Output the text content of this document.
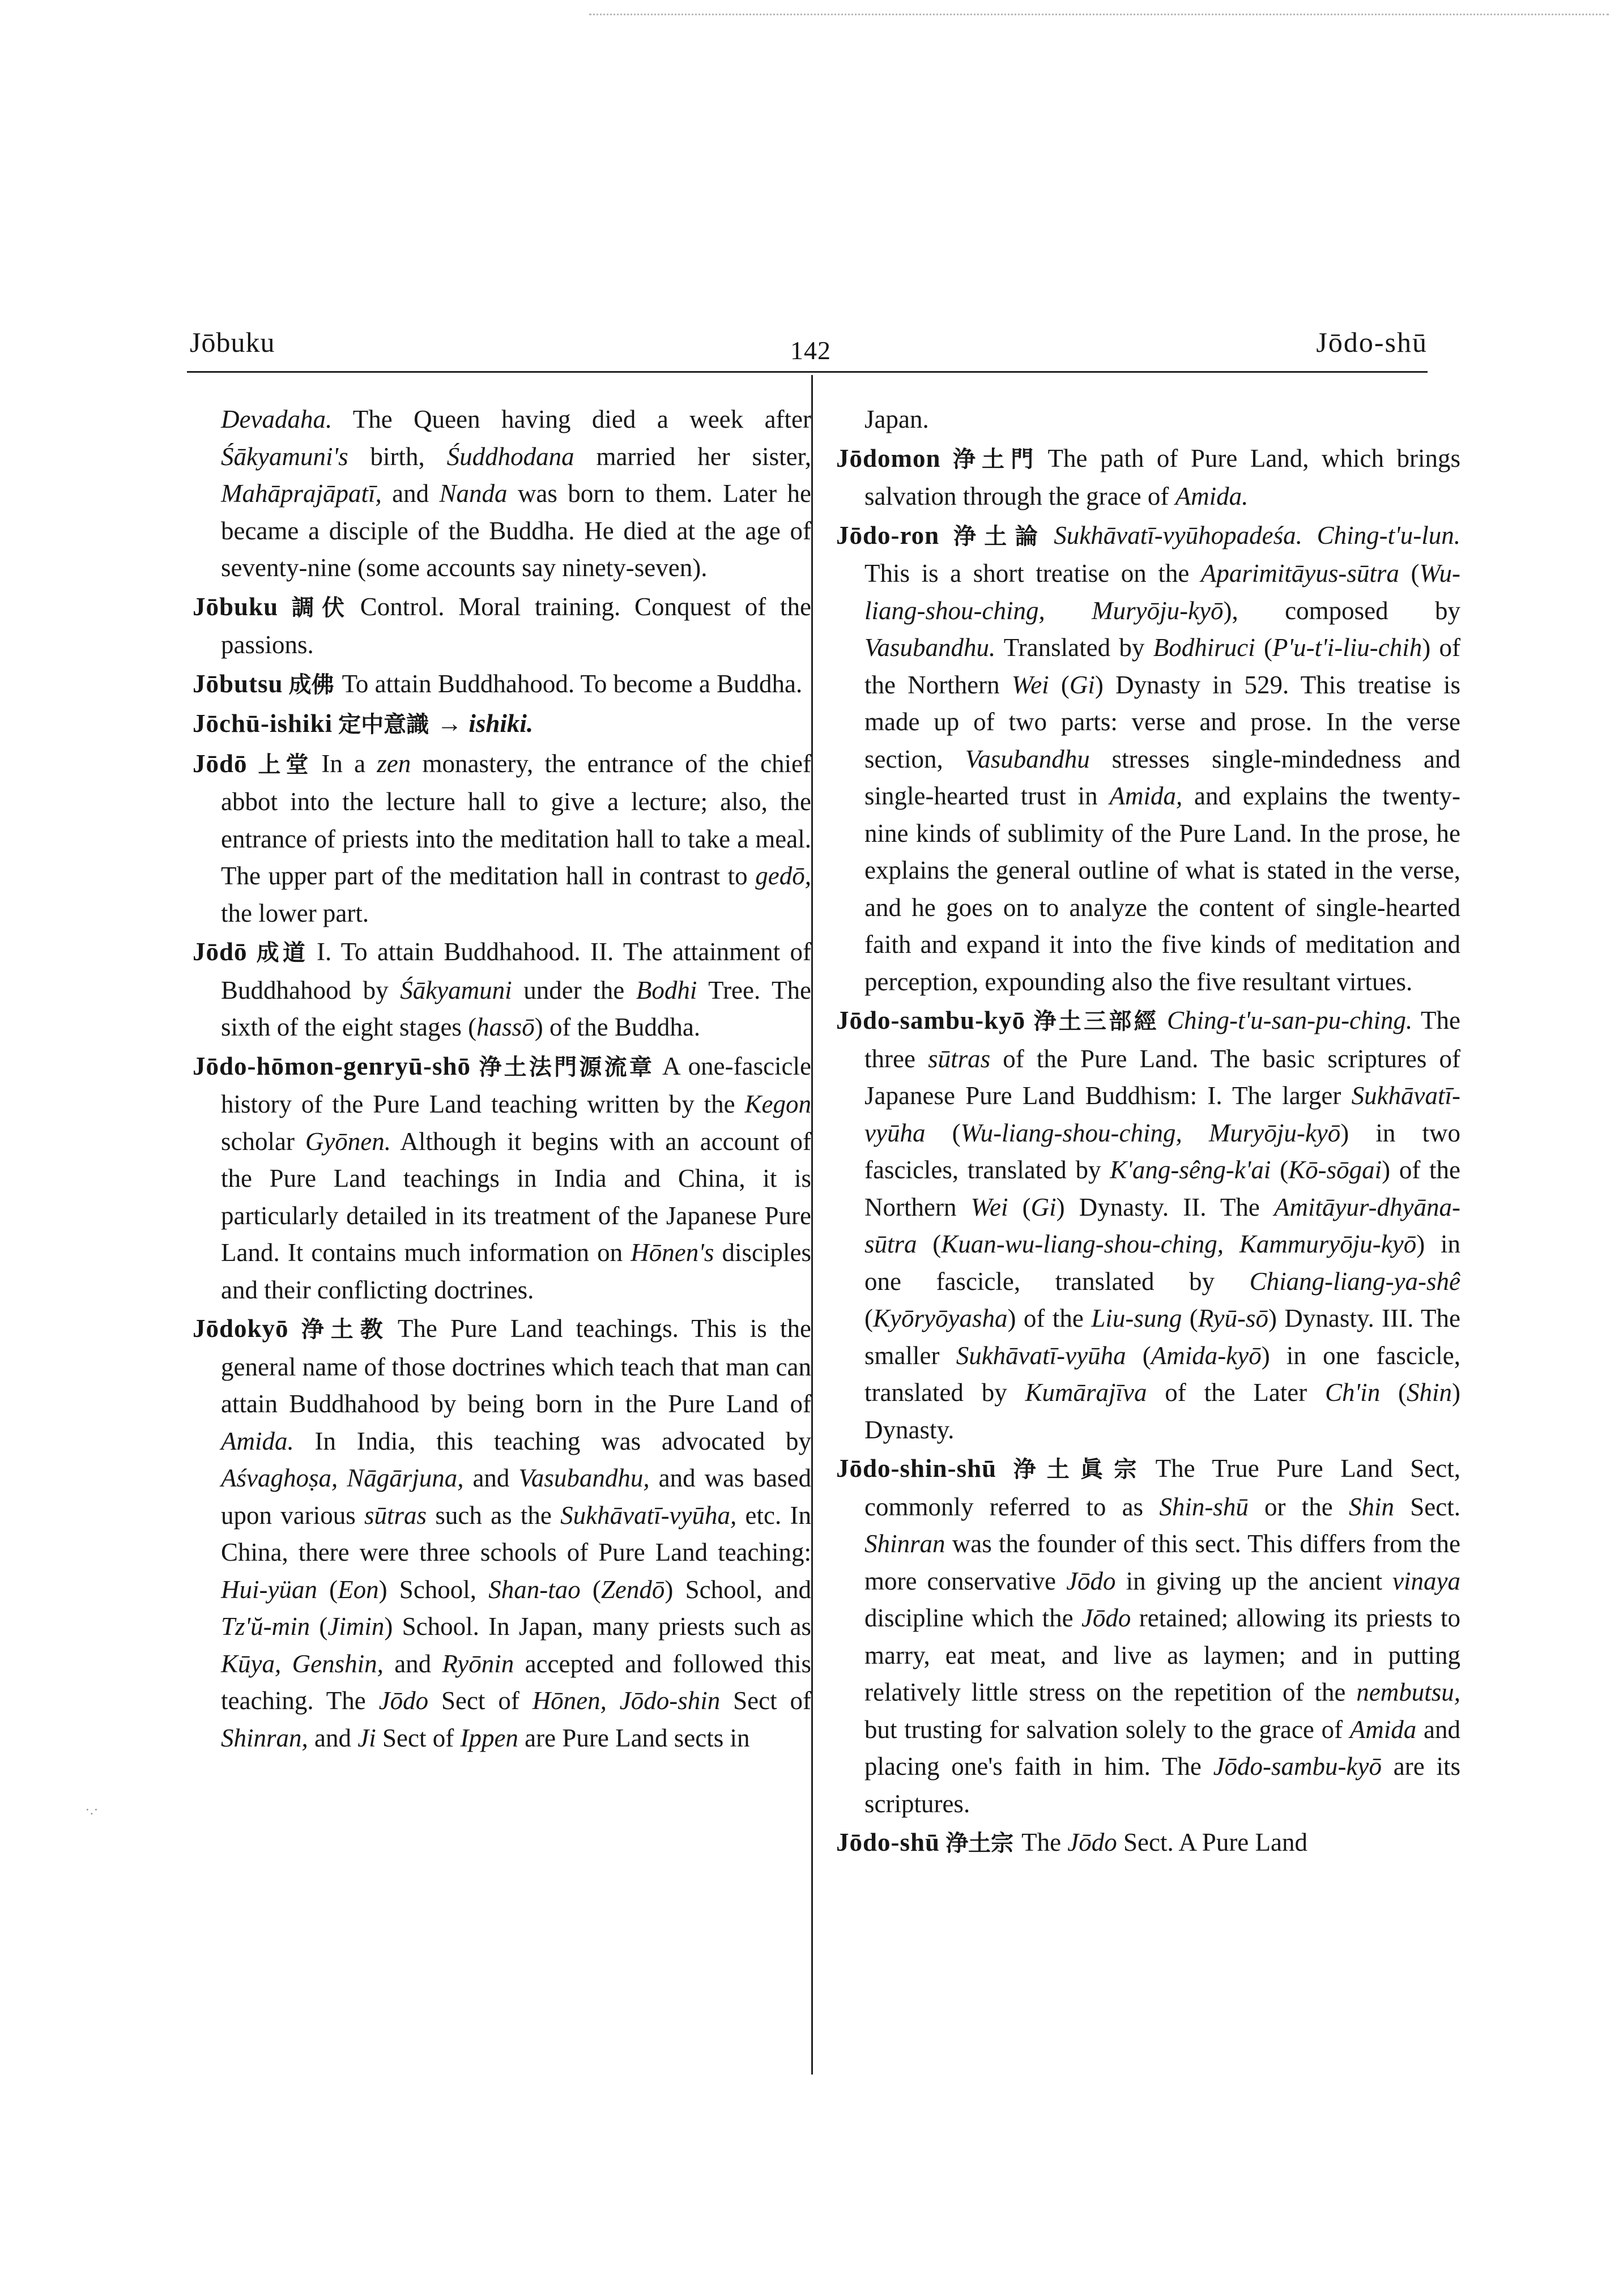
Jōbuku	142	Jōdo-shū

Devadaha. The Queen having died a week after Śākyamuni's birth, Śuddhodana married her sister, Mahāprajāpatī, and Nanda was born to them. Later he became a disciple of the Buddha. He died at the age of seventy-nine (some accounts say ninety-seven).

Jōbuku 調伏 Control. Moral training. Conquest of the passions.

Jōbutsu 成佛 To attain Buddhahood. To become a Buddha.

Jōchū-ishiki 定中意識 → ishiki.

Jōdō 上堂 In a zen monastery, the entrance of the chief abbot into the lecture hall to give a lecture; also, the entrance of priests into the meditation hall to take a meal. The upper part of the meditation hall in contrast to gedō, the lower part.

Jōdō 成道 I. To attain Buddhahood. II. The attainment of Buddhahood by Śākyamuni under the Bodhi Tree. The sixth of the eight stages (hassō) of the Buddha.

Jōdo-hōmon-genryū-shō 浄土法門源流章 A one-fascicle history of the Pure Land teaching written by the Kegon scholar Gyōnen. Although it begins with an account of the Pure Land teachings in India and China, it is particularly detailed in its treatment of the Japanese Pure Land. It contains much information on Hōnen's disciples and their conflicting doctrines.

Jōdokyō 浄土教 The Pure Land teachings. This is the general name of those doctrines which teach that man can attain Buddhahood by being born in the Pure Land of Amida. In India, this teaching was advocated by Aśvaghoṣa, Nāgārjuna, and Vasubandhu, and was based upon various sūtras such as the Sukhāvatī-vyūha, etc. In China, there were three schools of Pure Land teaching: Hui-yüan (Eon) School, Shan-tao (Zendō) School, and Tz'ŭ-min (Jimin) School. In Japan, many priests such as Kūya, Genshin, and Ryōnin accepted and followed this teaching. The Jōdo Sect of Hōnen, Jōdo-shin Sect of Shinran, and Ji Sect of Ippen are Pure Land sects in

Japan.

Jōdomon 浄土門 The path of Pure Land, which brings salvation through the grace of Amida.

Jōdo-ron 浄土論 Sukhāvatī-vyūhopadeśa. Ching-t'u-lun. This is a short treatise on the Aparimitāyus-sūtra (Wu-liang-shou-ching, Muryōju-kyō), composed by Vasubandhu. Translated by Bodhiruci (P'u-t'i-liu-chih) of the Northern Wei (Gi) Dynasty in 529. This treatise is made up of two parts: verse and prose. In the verse section, Vasubandhu stresses single-mindedness and single-hearted trust in Amida, and explains the twenty-nine kinds of sublimity of the Pure Land. In the prose, he explains the general outline of what is stated in the verse, and he goes on to analyze the content of single-hearted faith and expand it into the five kinds of meditation and perception, expounding also the five resultant virtues.

Jōdo-sambu-kyō 浄土三部經 Ching-t'u-san-pu-ching. The three sūtras of the Pure Land. The basic scriptures of Japanese Pure Land Buddhism: I. The larger Sukhāvatī-vyūha (Wu-liang-shou-ching, Muryōju-kyō) in two fascicles, translated by K'ang-sêng-k'ai (Kō-sōgai) of the Northern Wei (Gi) Dynasty. II. The Amitāyur-dhyāna-sūtra (Kuan-wu-liang-shou-ching, Kammuryōju-kyō) in one fascicle, translated by Chiang-liang-ya-shê (Kyōryōyasha) of the Liu-sung (Ryū-sō) Dynasty. III. The smaller Sukhāvatī-vyūha (Amida-kyō) in one fascicle, translated by Kumārajīva of the Later Ch'in (Shin) Dynasty.

Jōdo-shin-shū 浄土眞宗 The True Pure Land Sect, commonly referred to as Shin-shū or the Shin Sect. Shinran was the founder of this sect. This differs from the more conservative Jōdo in giving up the ancient vinaya discipline which the Jōdo retained; allowing its priests to marry, eat meat, and live as laymen; and in putting relatively little stress on the repetition of the nembutsu, but trusting for salvation solely to the grace of Amida and placing one's faith in him. The Jōdo-sambu-kyō are its scriptures.

Jōdo-shū 浄土宗 The Jōdo Sect. A Pure Land

·.·
